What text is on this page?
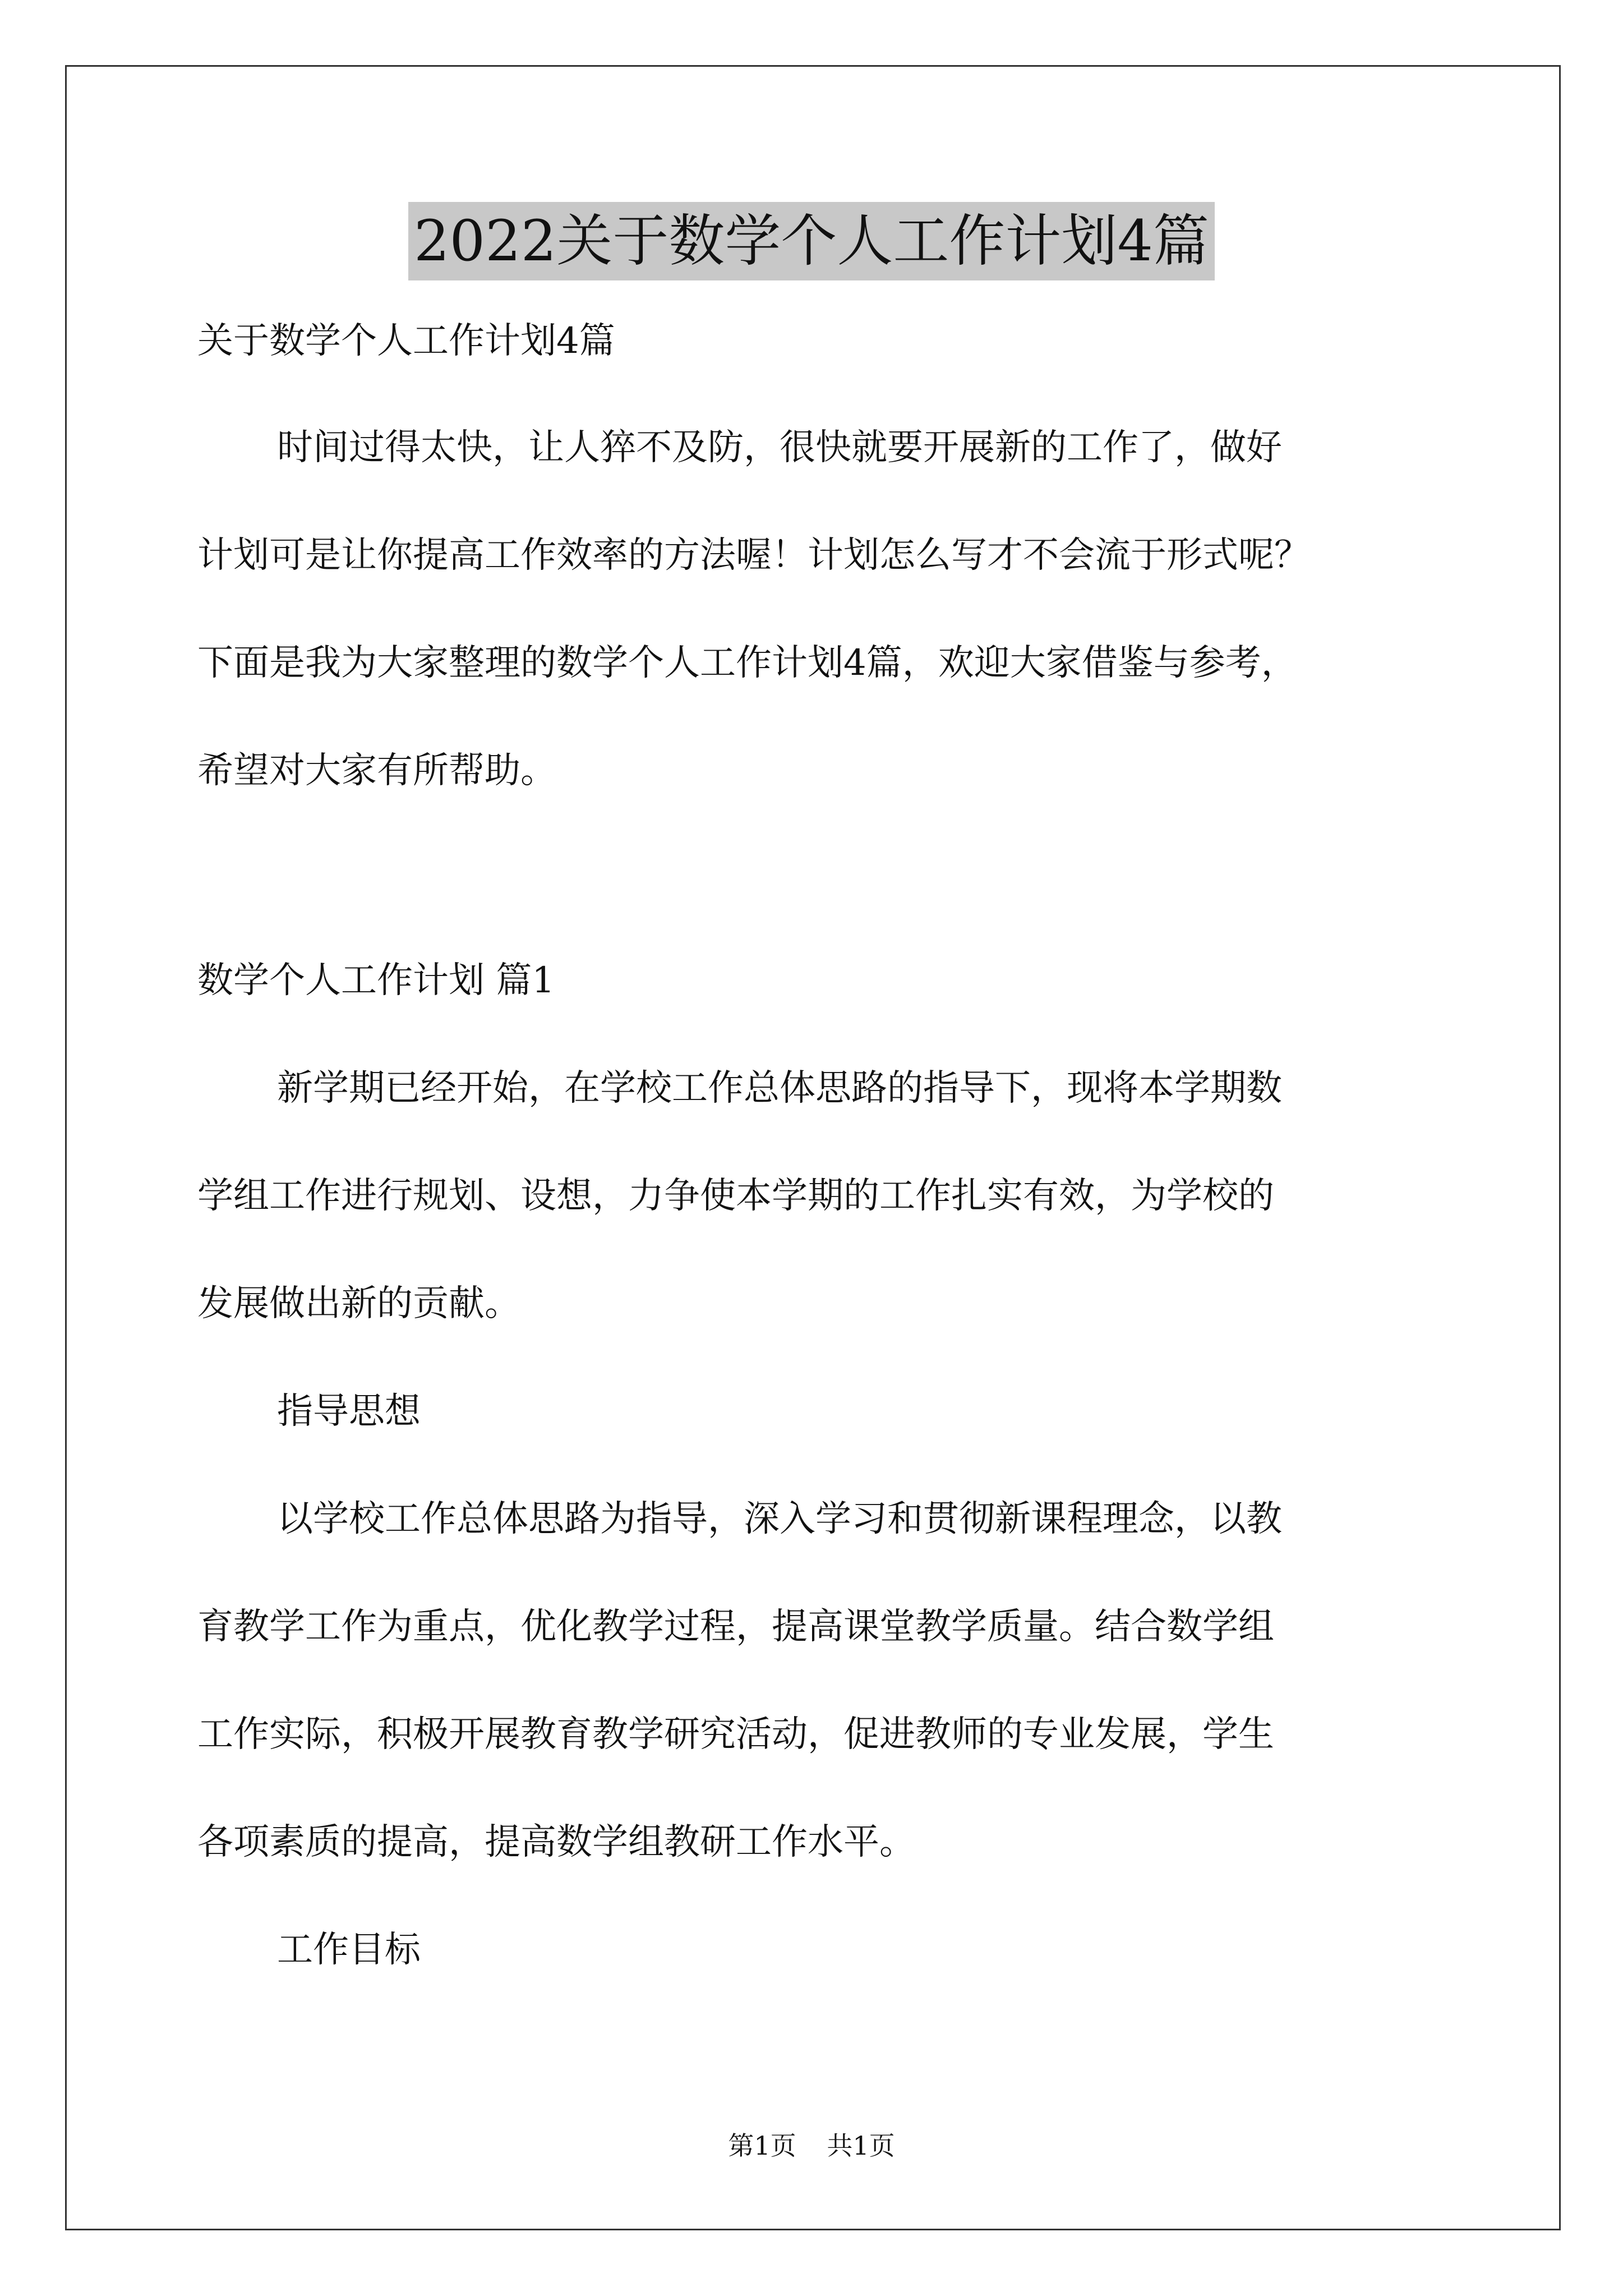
2022关于数学个人工作计划4篇
关于数学个人工作计划4篇
时间过得太快，让人猝不及防，很快就要开展新的工作了，做好
计划可是让你提高工作效率的方法喔！计划怎么写才不会流于形式呢？
下面是我为大家整理的数学个人工作计划4篇，欢迎大家借鉴与参考，
希望对大家有所帮助。
数学个人工作计划 篇1
新学期已经开始，在学校工作总体思路的指导下，现将本学期数
学组工作进行规划、设想，力争使本学期的工作扎实有效，为学校的
发展做出新的贡献。
指导思想
以学校工作总体思路为指导，深入学习和贯彻新课程理念，以教
育教学工作为重点，优化教学过程，提高课堂教学质量。结合数学组
工作实际，积极开展教育教学研究活动，促进教师的专业发展，学生
各项素质的提高，提高数学组教研工作水平。
工作目标
第1页 共1页
